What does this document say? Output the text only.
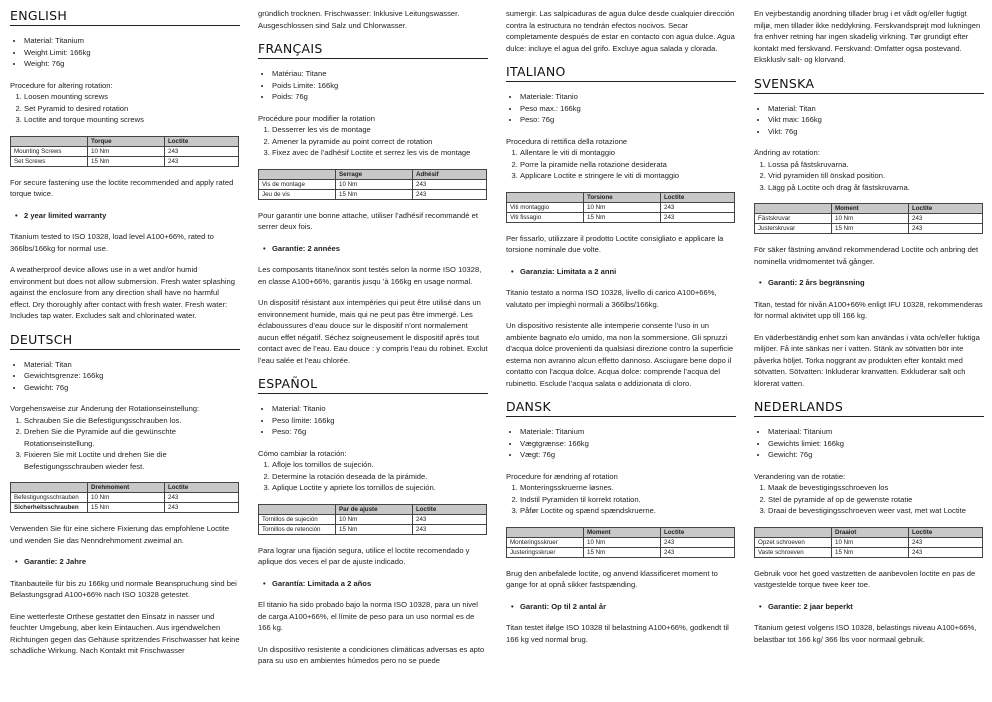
ENGLISH
• Material: Titanium
• Weight Limit: 166kg
• Weight: 76g

Procedure for altering rotation:

1. Loosen mounting screws
2. Set Pyramid to desired rotation
3. Loctite and torque mounting screws
	Torque	Loctite
Mounting Screws	10 Nm	243
Set Screws	15 Nm	243

For secure fastening use the loctite recommended and apply rated torque twice.

• 2 year limited warranty

Titanium tested to ISO 10328, load level A100+66%, rated to 366lbs/166kg for normal use.

A weatherproof device allows use in a wet and/or humid environment but does not allow submersion. Fresh water splashing against the enclosure from any direction shall have no harmful effect. Dry thoroughly after contact with fresh water. Fresh water: Includes tap water. Excludes salt and chlorinated water.

DEUTSCH
• Material: Titan
• Gewichtsgrenze: 166kg
• Gewicht: 76g

Vorgehensweise zur Änderung der Rotationseinstellung:

1. Schrauben Sie die Befestigungsschrauben los.
2. Drehen Sie die Pyramide auf die gewünschte Rotationseinstellung.
3. Fixieren Sie mit Loctite und drehen Sie die Befestigungsschrauben wieder fest.
	Drehmoment	Loctite
Befestigungsschrauben	10 Nm	243
Sicherheitsschrauben	15 Nm	243

Verwenden Sie für eine sichere Fixierung das empfohlene Loctite und wenden Sie das Nenndrehmoment zweimal an.

• Garantie: 2 Jahre

Titanbauteile für bis zu 166kg und normale Beanspruchung sind bei Belastungsgrad A100+66% nach ISO 10328 getestet.

Eine wetterfeste Orthese gestattet den Einsatz in nasser und feuchter Umgebung, aber kein Eintauchen. Aus irgendwelchen Richtungen gegen das Gehäuse spritzendes Frischwasser hat keine schädliche Wirkung. Nach Kontakt mit Frischwasser

gründlich trocknen. Frischwasser: Inklusive Leitungswasser. Ausgeschlossen sind Salz und Chlorwasser.

FRANÇAIS
• Matériau: Titane
• Poids Limite: 166kg
• Poids: 76g

Procédure pour modifier la rotation

1. Desserrer les vis de montage
2. Amener la pyramide au point correct de rotation
3. Fixez avec de l’adhésif Loctite et serrez les vis de montage
	Serrage	Adhésif
Vis de montage	10 Nm	243
Jeu de vis	15 Nm	243

Pour garantir une bonne attache, utiliser l’adhésif recommandé et serrer deux fois.

• Garantie: 2 années

Les composants titane/inox sont testés selon la norme ISO 10328, en classe A100+66%, garantis jusqu ’à 166kg en usage normal.

Un dispositif résistant aux intempéries qui peut être utilisé dans un environnement humide, mais qui ne peut pas être immergé. Les éclaboussures d’eau douce sur le dispositif n’ont normalement aucun effet négatif. Séchez soigneusement le dispositif après tout contact avec de l’eau. Eau douce : y compris l’eau du robinet. Exclut l’eau salée et l’eau chlorée.

ESPAÑOL
• Material: Titanio
• Peso límite: 166kg
• Peso: 76g

Cómo cambiar la rotación:

1. Afloje los tornillos de sujeción.
2. Determine la rotación deseada de la pirámide.
3. Aplique Loctite y apriete los tornillos de sujeción.
	Par de ajuste	Loctite
Tornillos de sujeción	10 Nm	243
Tornillos de retención	15 Nm	243

Para lograr una fijación segura, utilice el loctite recomendado y aplique dos veces el par de ajuste indicado.

• Garantía: Limitada a 2 años

El titanio ha sido probado bajo la norma ISO 10328, para un nivel de carga A100+66%, el límite de peso para un uso normal es de 166 kg.

Un dispositivo resistente a condiciones climáticas adversas es apto para su uso en ambientes húmedos pero no se puede

sumergir. Las salpicaduras de agua dulce desde cualquier dirección contra la estructura no tendrán efectos nocivos. Secar completamente después de estar en contacto con agua dulce. Agua dulce: incluye el agua del grifo. Excluye agua salada y clorada.

ITALIANO
• Materiale: Titanio
• Peso max.: 166kg
• Peso: 76g

Procedura di rettifica della rotazione

1. Allentare le viti di montaggio
2. Porre la piramide nella rotazione desiderata
3. Applicare Loctite e stringere le viti di montaggio
	Torsione	Loctite
Viti montaggio	10 Nm	243
Viti fissagio	15 Nm	243

Per fissarlo, utilizzare il prodotto Loctite consigliato e applicare la torsione nominale due volte.

• Garanzia: Limitata a 2 anni

Titanio testato a norma ISO 10328, livello di carico A100+66%, valutato per impieghi normali a 366lbs/166kg.

Un dispositivo resistente alle intemperie consente l’uso in un ambiente bagnato e/o umido, ma non la sommersione. Gli spruzzi d’acqua dolce provenienti da qualsiasi direzione contro la superficie esterna non avranno alcun effetto dannoso. Asciugare bene dopo il contatto con l’acqua dolce. Acqua dolce: comprende l’acqua del rubinetto. Esclude l’acqua salata o addizionata di cloro.

DANSK
• Materiale: Titanium
• Vægtgrænse: 166kg
• Vægt: 76g

Procedure for ændring af rotation

1. Monteringsskruerne løsnes.
2. Indstil Pyramiden til korrekt rotation.
3. Påfør Loctite og spænd spændskruerne.
	Moment	Loctite
Monteringsskruer	10 Nm	243
Justeringsskruer	15 Nm	243

Brug den anbefalede loctite, og anvend klassificeret moment to gange for at opnå sikker fastspænding.

• Garanti: Op til 2 antal år

Titan testet ifølge ISO 10328 til belastning A100+66%, godkendt til 166 kg ved normal brug.

En vejrbestandig anordning tillader brug i et vådt og/eller fugtigt miljø, men tillader ikke neddykning. Ferskvandsprøjt mod lukningen fra enhver retning har ingen skadelig virkning. Tør grundigt efter kontakt med ferskvand. Ferskvand: Omfatter ogsa postevand. Ekskluslv salt- og klorvand.

SVENSKA
• Material: Titan
• Vikt max: 166kg
• Vikt: 76g

Ändring av rotation:

1. Lossa på fästskruvarna.
2. Vrid pyramiden till önskad position.
3. Lägg på Loctite och drag åt fästskruvarna.
	Moment	Loctite
Fästskruvar	10 Nm	243
Justerskruvar	15 Nm	243

För säker fästning använd rekommenderad Loctite och anbring det nominella vridmomentet två gånger.

• Garanti: 2 års begränsning

Titan, testad för nivån A100+66% enligt IFU 10328, rekommenderas för normal aktivitet upp till 166 kg.

En väderbeständig enhet som kan användas i väta och/eller fuktiga miljöer. Få inte sänkas ner i vatten. Stänk av sötvatten bör inte påverka höljet. Torka noggrant av produkten efter kontakt med sötvatten. Sötvatten: Inkluderar kranvatten. Exkluderar salt och klorerat vatten.

NEDERLANDS
• Materiaal: Titanium
• Gewichts limiet: 166kg
• Gewicht: 76g

Verandering van de rotatie:

1. Maak de bevestigingsschroeven los
2. Stel de pyramide af op de gewenste rotatie
3. Draai de bevestigingsschroeven weer vast, met wat Loctite
	Draaiot	Loctite
Opzet schroeven	10 Nm	243
Vaste schroeven	15 Nm	243

Gebruik voor het goed vastzetten de aanbevolen loctite en pas de vastgestelde torque twee keer toe.

• Garantie: 2 jaar beperkt

Titanium getest volgens ISO 10328, belastings niveau A100+66%, belastbar tot 166 kg/ 366 lbs voor normaal gebruik.
